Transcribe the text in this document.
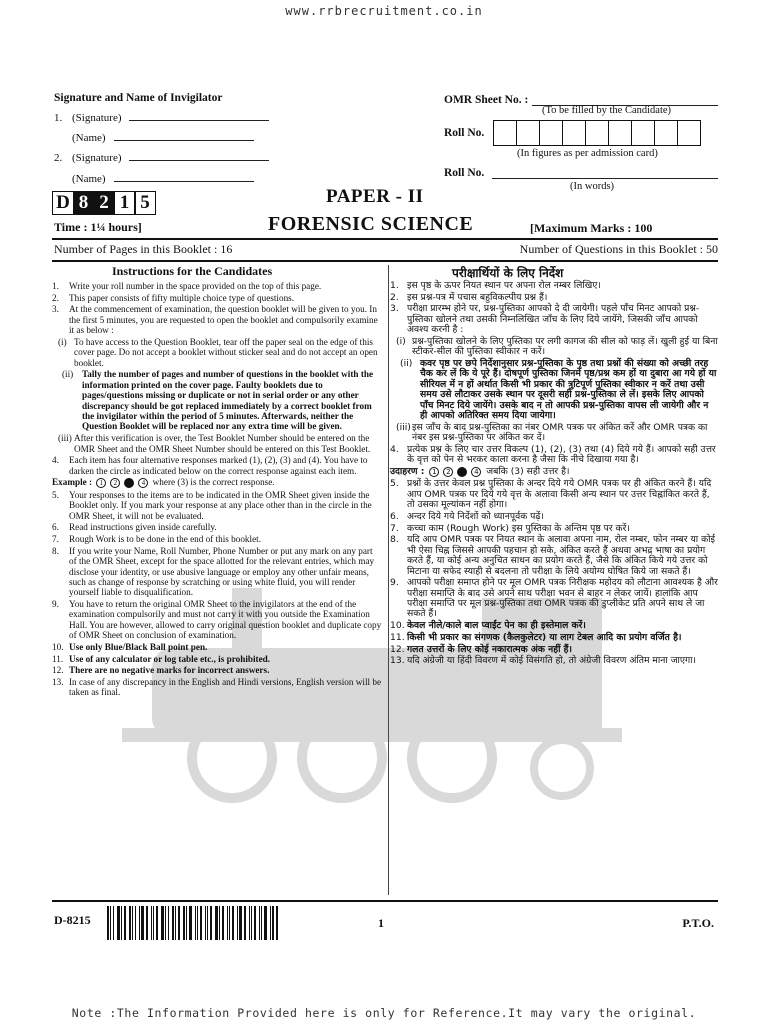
www.rrbrecruitment.co.in
Signature and Name of Invigilator
1. (Signature)
(Name)
2. (Signature)
(Name)
OMR Sheet No. :
(To be filled by the Candidate)
Roll No.
(In figures as per admission card)
Roll No.
(In words)
D 8 2 1 5	PAPER - II
FORENSIC SCIENCE
Time : 1¼ hours]	[Maximum Marks : 100
Number of Pages in this Booklet : 16	Number of Questions in this Booklet : 50
Instructions for the Candidates	परीक्षार्थियों के लिए निर्देश
1.	Write your roll number in the space provided on the top of this page.
2.	This paper consists of fifty multiple choice type of questions.
3.	At the commencement of examination, the question booklet will be given to you. In the first 5 minutes, you are requested to open the booklet and compulsorily examine it as below :
(i) To have access to the Question Booklet, tear off the paper seal on the edge of this cover page. Do not accept a booklet without sticker seal and do not accept an open booklet.
(ii) Tally the number of pages and number of questions in the booklet with the information printed on the cover page. Faulty booklets due to pages/questions missing or duplicate or not in serial order or any other discrepancy should be got replaced immediately by a correct booklet from the invigilator within the period of 5 minutes. Afterwards, neither the Question Booklet will be replaced nor any extra time will be given.
(iii) After this verification is over, the Test Booklet Number should be entered on the OMR Sheet and the OMR Sheet Number should be entered on this Test Booklet.
4.	Each item has four alternative responses marked (1), (2), (3) and (4). You have to darken the circle as indicated below on the correct response against each item.
Example :
	1	2	4
where (3) is the correct response.
5.	Your responses to the items are to be indicated in the OMR Sheet given inside the Booklet only. If you mark your response at any place other than in the circle in the OMR Sheet, it will not be evaluated.
6.	Read instructions given inside carefully.
7.	Rough Work is to be done in the end of this booklet.
8.	If you write your Name, Roll Number, Phone Number or put any mark on any part of the OMR Sheet, except for the space allotted for the relevant entries, which may disclose your identity, or use abusive language or employ any other unfair means, such as change of response by scratching or using white fluid, you will render yourself liable to disqualification.
9.	You have to return the original OMR Sheet to the invigilators at the end of the examination compulsorily and must not carry it with you outside the Examination Hall. You are however, allowed to carry original question booklet and duplicate copy of OMR Sheet on conclusion of examination.
10. Use only Blue/Black Ball point pen.
11. Use of any calculator or log table etc., is prohibited.
12. There are no negative marks for incorrect answers.
13. In case of any discrepancy in the English and Hindi versions, English version will be taken as final.
1. इस पृष्ठ के ऊपर नियत स्थान पर अपना रोल नम्बर लिखिए।
2. इस प्रश्न-पत्र में पचास बहुविकल्पीय प्रश्न हैं।
3. परीक्षा प्रारम्भ होने पर, प्रश्न-पुस्तिका आपको दे दी जायेगी। पहले पाँच मिनट आपको प्रश्न-पुस्तिका खोलने तथा उसकी निम्नलिखित जाँच के लिए दिये जायेंगे, जिसकी जाँच आपको अवश्य करनी है :
(i) प्रश्न-पुस्तिका खोलने के लिए पुस्तिका पर लगी कागज की सील को फाड़ लें। खुली हुई या बिना स्टीकर-सील की पुस्तिका स्वीकार न करें।
(ii) कवर पृष्ठ पर छपे निर्देशानुसार प्रश्न-पुस्तिका के पृष्ठ तथा प्रश्नों की संख्या को अच्छी तरह चैक कर लें कि ये पूरे हैं। दोषपूर्ण पुस्तिका जिनमें पृष्ठ/प्रश्न कम हों या दुबारा आ गये हों या सीरियल में न हों अर्थात किसी भी प्रकार की त्रुटिपूर्ण पुस्तिका स्वीकार न करें तथा उसी समय उसे लौटाकर उसके स्थान पर दूसरी सही प्रश्न-पुस्तिका ले लें। इसके लिए आपको पाँच मिनट दिये जायेंगे। उसके बाद न तो आपकी प्रश्न-पुस्तिका वापस ली जायेगी और न ही आपको अतिरिक्त समय दिया जायेगा।
(iii) इस जाँच के बाद प्रश्न-पुस्तिका का नंबर OMR पत्रक पर अंकित करें और OMR पत्रक का नंबर इस प्रश्न-पुस्तिका पर अंकित कर दें।
4. प्रत्येक प्रश्न के लिए चार उत्तर विकल्प (1), (2), (3) तथा (4) दिये गये हैं। आपको सही उत्तर के वृत्त को पेन से भरकर काला करना है जैसा कि नीचे दिखाया गया है।
उदाहरण :
	1	2	4
जबकि (3) सही उत्तर है।
5. प्रश्नों के उत्तर केवल प्रश्न पुस्तिका के अन्दर दिये गये OMR पत्रक पर ही अंकित करने हैं। यदि आप OMR पत्रक पर दिये गये वृत्त के अलावा किसी अन्य स्थान पर उत्तर चिह्नांकित करते हैं, तो उसका मूल्यांकन नहीं होगा।
6. अन्दर दिये गये निर्देशों को ध्यानपूर्वक पढ़ें।
7. कच्चा काम (Rough Work) इस पुस्तिका के अन्तिम पृष्ठ पर करें।
8. यदि आप OMR पत्रक पर नियत स्थान के अलावा अपना नाम, रोल नम्बर, फोन नम्बर या कोई भी ऐसा चिह्न जिससे आपकी पहचान हो सके, अंकित करते हैं अथवा अभद्र भाषा का प्रयोग करते हैं, या कोई अन्य अनुचित साधन का प्रयोग करते हैं, जैसे कि अंकित किये गये उत्तर को मिटाना या सफेद स्याही से बदलना तो परीक्षा के लिये अयोग्य घोषित किये जा सकते हैं।
9. आपको परीक्षा समाप्त होने पर मूल OMR पत्रक निरीक्षक महोदय को लौटाना आवश्यक है और परीक्षा समाप्ति के बाद उसे अपने साथ परीक्षा भवन से बाहर न लेकर जायें। हालांकि आप परीक्षा समाप्ति पर मूल प्रश्न-पुस्तिका तथा OMR पत्रक की डुप्लीकेट प्रति अपने साथ ले जा सकते हैं।
10. केवल नीले/काले बाल प्वाईंट पेन का ही इस्तेमाल करें।
11. किसी भी प्रकार का संगणक (कैलकुलेटर) या लाग टेबल आदि का प्रयोग वर्जित है।
12. गलत उत्तरों के लिए कोई नकारात्मक अंक नहीं हैं।
13. यदि अंग्रेजी या हिंदी विवरण में कोई विसंगति हो, तो अंग्रेजी विवरण अंतिम माना जाएगा।
D-8215	1	P.T.O.
Note :The Information Provided here is only for Reference.It may vary the original.
